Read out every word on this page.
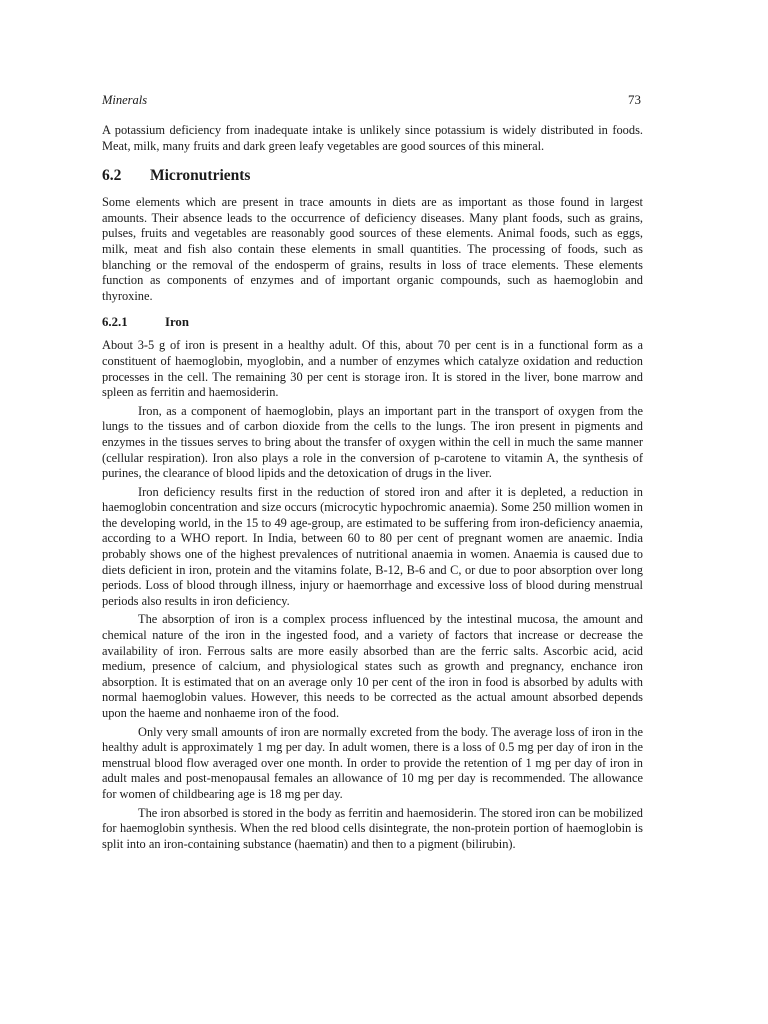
Minerals	73

A potassium deficiency from inadequate intake is unlikely since potassium is widely distributed in foods. Meat, milk, many fruits and dark green leafy vegetables are good sources of this mineral.

6.2 Micronutrients

Some elements which are present in trace amounts in diets are as important as those found in largest amounts. Their absence leads to the occurrence of deficiency diseases. Many plant foods, such as grains, pulses, fruits and vegetables are reasonably good sources of these elements. Animal foods, such as eggs, milk, meat and fish also contain these elements in small quantities. The processing of foods, such as blanching or the removal of the endosperm of grains, results in loss of trace elements. These elements function as components of enzymes and of important organic compounds, such as haemoglobin and thyroxine.

6.2.1	Iron

About 3-5 g of iron is present in a healthy adult. Of this, about 70 per cent is in a functional form as a constituent of haemoglobin, myoglobin, and a number of enzymes which catalyze oxidation and reduction processes in the cell. The remaining 30 per cent is storage iron. It is stored in the liver, bone marrow and spleen as ferritin and haemosiderin.

Iron, as a component of haemoglobin, plays an important part in the transport of oxygen from the lungs to the tissues and of carbon dioxide from the cells to the lungs. The iron present in pigments and enzymes in the tissues serves to bring about the transfer of oxygen within the cell in much the same manner (cellular respiration). Iron also plays a role in the conversion of p-carotene to vitamin A, the synthesis of purines, the clearance of blood lipids and the detoxication of drugs in the liver.

Iron deficiency results first in the reduction of stored iron and after it is depleted, a reduction in haemoglobin concentration and size occurs (microcytic hypochromic anaemia). Some 250 million women in the developing world, in the 15 to 49 age-group, are estimated to be suffering from iron-deficiency anaemia, according to a WHO report. In India, between 60 to 80 per cent of pregnant women are anaemic. India probably shows one of the highest prevalences of nutritional anaemia in women. Anaemia is caused due to diets deficient in iron, protein and the vitamins folate, B-12, B-6 and C, or due to poor absorption over long periods. Loss of blood through illness, injury or haemorrhage and excessive loss of blood during menstrual periods also results in iron deficiency.

The absorption of iron is a complex process influenced by the intestinal mucosa, the amount and chemical nature of the iron in the ingested food, and a variety of factors that increase or decrease the availability of iron. Ferrous salts are more easily absorbed than are the ferric salts. Ascorbic acid, acid medium, presence of calcium, and physiological states such as growth and pregnancy, enchance iron absorption. It is estimated that on an average only 10 per cent of the iron in food is absorbed by adults with normal haemoglobin values. However, this needs to be corrected as the actual amount absorbed depends upon the haeme and nonhaeme iron of the food.

Only very small amounts of iron are normally excreted from the body. The average loss of iron in the healthy adult is approximately 1 mg per day. In adult women, there is a loss of 0.5 mg per day of iron in the menstrual blood flow averaged over one month. In order to provide the retention of 1 mg per day of iron in adult males and post-menopausal females an allowance of 10 mg per day is recommended. The allowance for women of childbearing age is 18 mg per day.

The iron absorbed is stored in the body as ferritin and haemosiderin. The stored iron can be mobilized for haemoglobin synthesis. When the red blood cells disintegrate, the non-protein portion of haemoglobin is split into an iron-containing substance (haematin) and then to a pigment (bilirubin).
